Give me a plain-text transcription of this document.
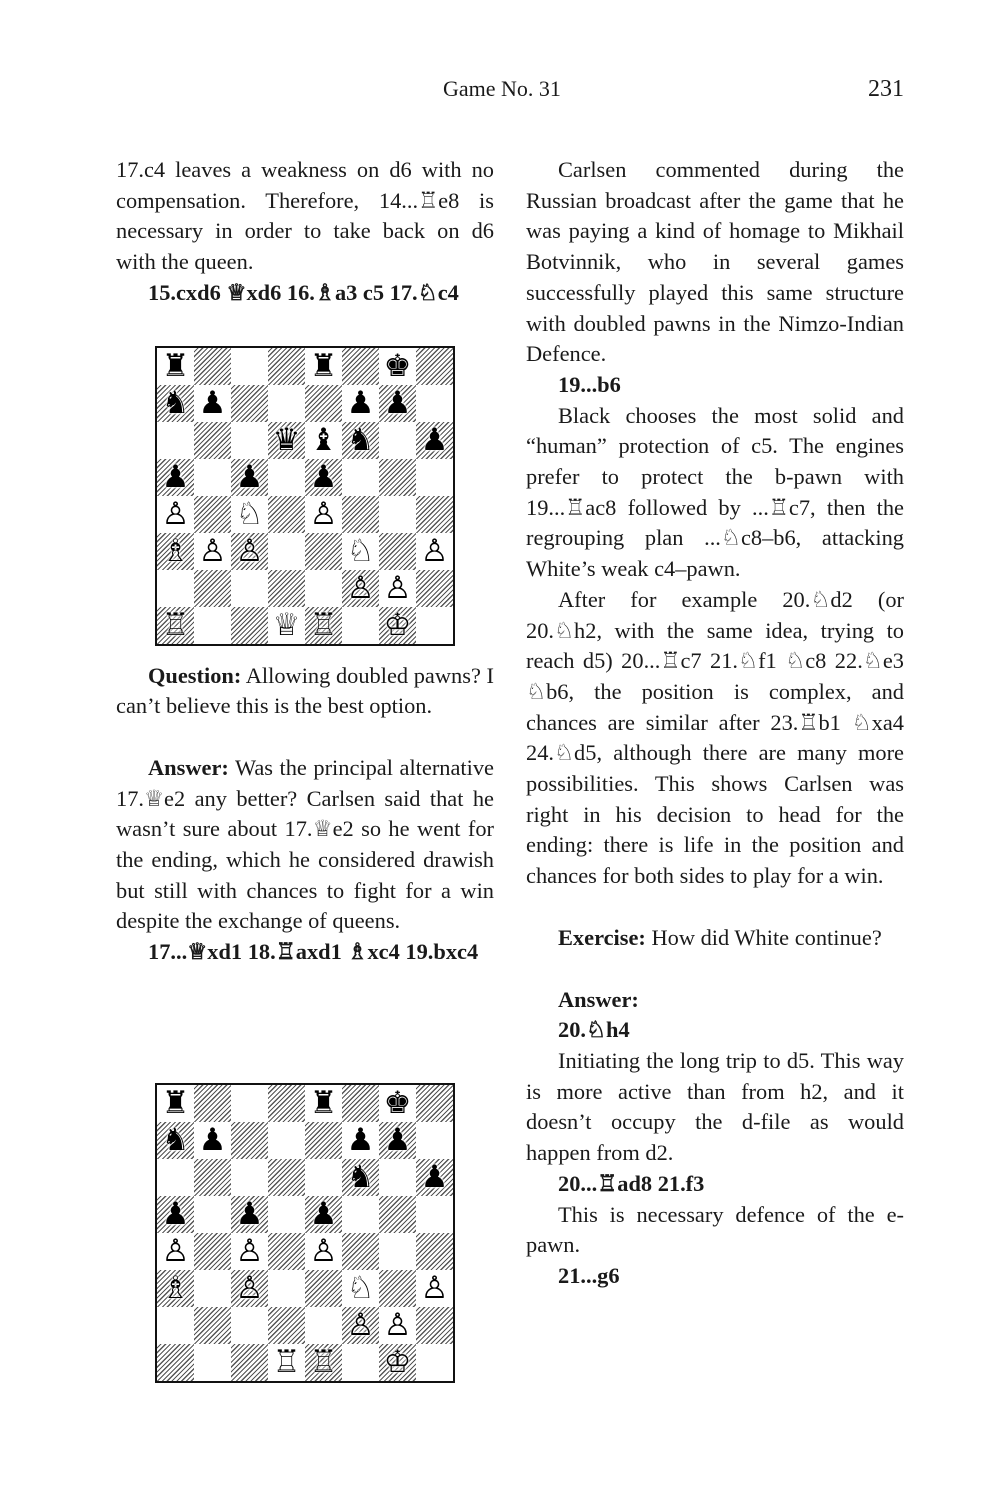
Game No. 31	231

17.c4 leaves a weakness on d6 with no compensation. Therefore, 14...♖e8 is necessary in order to take back on d6 with the queen.

15.cxd6 ♕xd6 16.♗a3 c5 17.♘c4

Question: Allowing doubled pawns? I can’t believe this is the best option.

Answer: Was the principal alternative 17.♕e2 any better? Carlsen said that he wasn’t sure about 17.♕e2 so he went for the ending, which he considered drawish but still with chances to fight for a win despite the exchange of queens.

17...♕xd1 18.♖axd1 ♗xc4 19.bxc4

Carlsen commented during the Russian broadcast after the game that he was paying a kind of homage to Mikhail Botvinnik, who in several games successfully played this same structure with doubled pawns in the Nimzo-Indian Defence.

19...b6

Black chooses the most solid and “human” protection of c5. The engines prefer to protect the b-pawn with 19...♖ac8 followed by ...♖c7, then the regrouping plan ...♘c8–b6, attacking White’s weak c4–pawn.

After for example 20.♘d2 (or 20.♘h2, with the same idea, trying to reach d5) 20...♖c7 21.♘f1 ♘c8 22.♘e3 ♘b6, the position is complex, and chances are similar after 23.♖b1 ♘xa4 24.♘d5, although there are many more possibilities. This shows Carlsen was right in his decision to head for the ending: there is life in the position and chances for both sides to play for a win.

Exercise: How did White continue?

Answer:

20.♘h4

Initiating the long trip to d5. This way is more active than from h2, and it doesn’t occupy the d-file as would happen from d2.

20...♖ad8 21.f3

This is necessary defence of the e-pawn.

21...g6

♜	♜ ♚
♞ ♟	♟ ♟
♛ ♝ ♞ ♟
♟ ♟ ♟
♙ ♘ ♙
♗ ♙ ♙	♘ ♙
♙ ♙
♖	♕ ♖ ♔
♜	♜ ♚
♞ ♟	♟ ♟
♞ ♟
♟ ♟ ♟
♙ ♙ ♙
♗ ♙	♘ ♙
♙ ♙
♖ ♖ ♔
